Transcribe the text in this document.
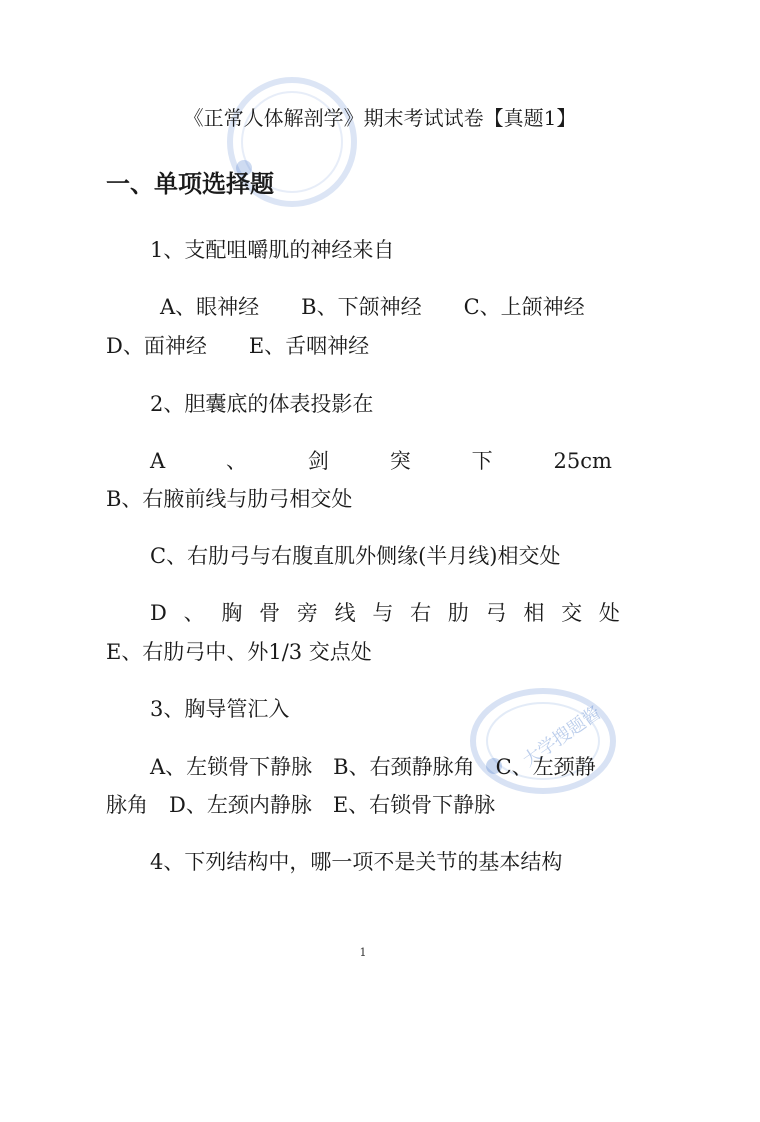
大学搜题酱
《正常人体解剖学》期末考试试卷【真题1】
一、单项选择题
1、支配咀嚼肌的神经来自
A、眼神经　　B、下颌神经　　C、上颌神经
D、面神经　　E、舌咽神经
2、胆囊底的体表投影在
A	、	剑	突	下	25cm
B、右腋前线与肋弓相交处
C、右肋弓与右腹直肌外侧缘(半月线)相交处
D 、 胸 骨 旁 线 与 右 肋 弓 相 交 处
E、右肋弓中、外1/3 交点处
3、胸导管汇入
A、左锁骨下静脉　B、右颈静脉角　C、左颈静
脉角　D、左颈内静脉　E、右锁骨下静脉
4、下列结构中，哪一项不是关节的基本结构
1
